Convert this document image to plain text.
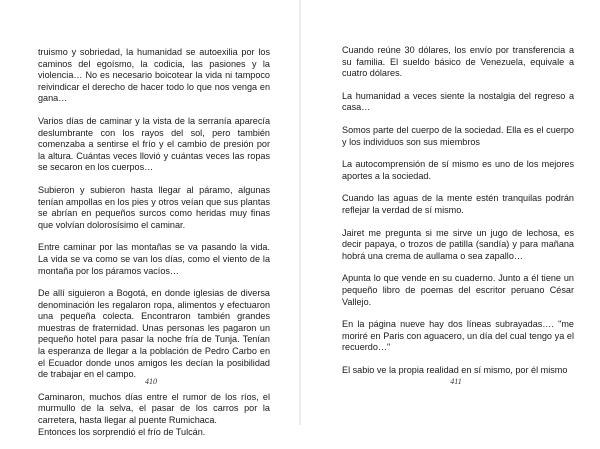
truismo y sobriedad, la humanidad se autoexilia por los caminos del egoísmo, la codicia, las pasiones y la violencia… No es necesario boicotear la vida ni tampoco reivindicar el derecho de hacer todo lo que nos venga en gana…

Varios días de caminar y la vista de la serranía aparecía deslumbrante con los rayos del sol, pero también comenzaba a sentirse el frío y el cambio de presión por la altura. Cuántas veces llovió y cuántas veces las ropas se secaron en los cuerpos…

Subieron y subieron hasta llegar al páramo, algunas tenían ampollas en los pies y otros veían que sus plantas se abrían en pequeños surcos como heridas muy finas que volvían dolorosísimo el caminar.

Entre caminar por las montañas se va pasando la vida. La vida se va como se van los días, como el viento de la montaña por los páramos vacíos…

De allí siguieron a Bogotá, en donde iglesias de diversa denominación les regalaron ropa, alimentos y efectuaron una pequeña colecta. Encontraron también grandes muestras de fraternidad. Unas personas les pagaron un pequeño hotel para pasar la noche fría de Tunja. Tenían la esperanza de llegar a la población de Pedro Carbo en el Ecuador donde unos amigos les decían la posibilidad de trabajar en el campo.

Caminaron, muchos días entre el rumor de los ríos, el murmullo de la selva, el pasar de los carros por la carretera, hasta llegar al puente Rumichaca.

Entonces los sorprendió el frío de Tulcán.

410

Cuando reúne 30 dólares, los envío por transferencia a su familia. El sueldo básico de Venezuela, equivale a cuatro dólares.

La humanidad a veces siente la nostalgia del regreso a casa…

Somos parte del cuerpo de la sociedad. Ella es el cuerpo y los individuos son sus miembros

La autocomprensión de sí mismo es uno de los mejores aportes a la sociedad.

Cuando las aguas de la mente estén tranquilas podrán reflejar la verdad de sí mismo.

Jairet me pregunta si me sirve un jugo de lechosa, es decir papaya, o trozos de patilla (sandía) y para mañana hobrá una crema de aullama o sea zapallo…

Apunta lo que vende en su cuaderno. Junto a él tiene un pequeño libro de poemas del escritor peruano César Vallejo.

En la página nueve hay dos líneas subrayadas…. "me moriré en Paris con aguacero, un día del cual tengo ya el recuerdo…"

El sabio ve la propia realidad en sí mismo, por él mismo

411
